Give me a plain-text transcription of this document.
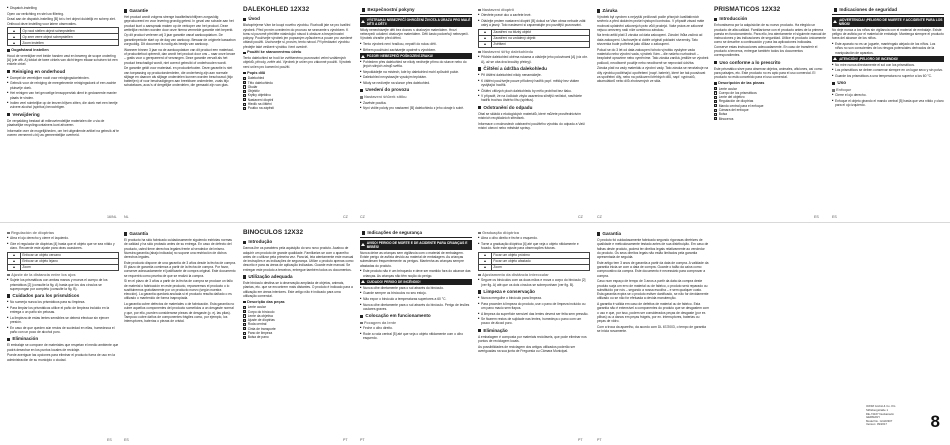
■ Dispatch-instelling

Open uw verlichting en stel uw fillering.

Draai aan de dispatch-instelling [B] tot u het object duidelijk en scherp ziet. Onthoud deze instelling voor latere observaties.

	Op rood stellen object scherpstellen
	Op zeer verre object scherpstellen
	Zoom instellen
Oogafstand instellen

Houd de verrekijker met beide handen vast en beweeg de scope onderling [A] (zie afb. A) totdat de twee cirkels van dicht tegen elkaar schuiven tot een enkele cirkel.

Reiniging en onderhoud
■ Dompel de verrekijker nooit voor reinigingsdoeleinden.
■ Gebruik voor de reiniging de meegeleverde reinigingsdoek of een zachte pluisvrije doek.
■ Het reinigen van het gevoelige lensoppervlak dient in gedoseerde manier plaats te vinden.
■ Indien veel ruimtelijke op de lenzen blijven zitten, die doek met een beetje zuivere alcohol (spiritus) bevochtigen.
Verwijdering

De verpakking bestaat uit milieuvriendelijke materialen die u via de plaatselijke recyclingcontainers kunt afvoeren.

Informatie over de mogelijkheden, om het uitgediende artikel na gebruik af te voeren verneemt u bij uw gemeentelijke overheid.

Garantie

Het product wordt volgens strenge kwaliteitsrichtlijnen zorgvuldig geproduceerd en voor levering grondig getest. In geval van schade aan het product kunt u aanspraak maken op de verkoper van het product. Deze wettelijke rechten worden door onze hierna vermelde garantie niet beperkt.

Op dit product verlenen wij 3 jaar garantie vanaf aankoopdatum. De garantieperiode start op de dag van aankoop. Bewaar de originele kassabon zorgvuldig. Dit document is nodig als bewijs van aankoop.

Wanneer binnen 3 jaar na de aankoopdatum van dit product een materiaal- of productiefout optreedt, dan wordt het product door ons – naar onze keuze – gratis voor u gerepareerd of vervangen. Deze garantie vervalt als het product beschadigd wordt, niet correct gebruikt of onderhouden wordt.

De garantie geldt voor materiaal- en productiefouten. Deze garantie is niet van toepassing op productonderdelen, die onderhevig zijn aan normale slijtage en daarom als slijtage onderdelen kunnen worden beschouwd (bijv. batterijen) of voor beschadigingen aan breekbare onderdelen, zoals bijv. schakelaars, accu's of dergelijke onderdelen, die gemaakt zijn van glas.

DALEKOHLED 12X32
Úvod

Blahopřejeme Vám ke koupi nového výrobku. Rozhodli jste se pro kvalitní výrobek. Před prvním uvedením do provozu se seznamte s výrobkem. K tomu si pozorně přečtěte následující návod k obsluze a bezpečnostní pokyny. Používejte výrobek jen popsaným způsobem a pouze pro uvedené oblasti použití. Uschovejte si, prosím, tento návod. Při předávání výrobku předejte také veškeré výrobku i tent uvedně.

Použití ke stanovenému účelu

Tento dalekohled se hodí ke zvětšenému pozorování velmi vzdálených objektů, přírody, zvěře atd. Výrobek je určen pro zákonné použití. Výrobek není určen pro komerční použití.

Popis dílů
1 Dalekohled
2 Tělo dalekohledu
3 Okulár
4 Objektiv
5 Krytky objektivu
6 Nastavení dioptrií
7 Hledik na čištění
8 Poutko na zápěstí
Bezpečnostní pokyny
VÝSTRAHA! NEBEZPEČÍ OHROŽENÍ ŽIVOTA A ÚRAZU PRO MALÉ DĚTI A DĚTI!

Nikdy nenechávejte děti bez dozoru s obalovým materiálem. Hrozí nebezpečí udušení obalovým materiálem. Děti často podceňují nebezpečí. Výrobek chraňte před dětmi.

■ Tento výrobek není hračkou, nepatří do rukou dětí.
■ Během používání zacházejte opatrně s výrobkem.
POZOR! NEBEZPEČÍ POŠKOZENÍ ZRAKU!
■ Pohledem přes dalekohled se nikdy nedívejte přímo do slunce nebo do jiných silných zdrojů světla.
■ Nepokládejte na místech, kde by dalekohled mohl způsobit požár.
■ Dalekohled nevystavujte vysokým teplotám.
■ Nikdy se nedívejte na slunce přes dalekohled.
Uvedení do provozu
Nastavení šňůrek sitiku
■ Zavěste poutka.
■ Nyní vidíte poloty pro nastavení [B] dalekohledu z jeho okraje k sobě.
Nastavení dioptrií
■ Otevřete pravé oko a zavřete levé.
■ Otáčejte prstem nastavení dioptrií [B] dokud se Vám obraz nebude zdát ostrý a jasný. Toto nastavení si zapamatujte pro pozdější pozorování.
	Zaostření na blízký objekt
	Zaostření na vzdálený objekt
	Zvětšení
Nastavení šířky dalekohledu
■ Přidrže dalekohled oběma rukama a otáčejte jeho polovinami [A] (viz obr. A), až se oba dva kroužky překryjí.
Čištění a údržba dalekohledu
■ Při čištění dalekohled nikdy nenamáčejte.
■ K čištění používejte pouze přiložený hadřík popř. měkký bez vláken vystýlající hadřík.
■ Čištění citlivých ploch dalekohledu by mělo probíhat bez tlaku.
■ V případě, že na čočkách zbyla usazenina silnější nečistot, navlhčete hadřík trochou čistého lihu (spiritus).
Odstranění do odpadu

Obal se skládá z ekologických materiálů, které můžete prostřednictvím místních recyklačních středisek.

Informace o možnostech odstranění použitého výrobku do odpadu a Vaši místní obecní nebo městské správy.

Záruka

Výrobek byl vyroben s nejvyšší pečlivostí podle přísných kvalitativních směrnic a před dodáním prošel výstupní kontrolou. V případě závad máte možnost uplatnění zákonných práv vůči prodejci. Vaše práva ze zákonné nejsou omezeny naší níže uvedenou zárukou.

Na tento artikl platí 3 záruka od data zakoupení. Záruční lhůta začíná od data zakoupení. Uschovejte si dobře originál pokladní stvrzenky. Tato stvrzenka bude potřebná jako důkaz o zakoupení.

Pokud se do 3 let od data zakoupení tohoto výrobku vyskytne vada materiálu nebo výrobní vada, výrobek Vám – dle našeho rozhodnutí – bezplatně opravíme nebo vyměníme. Tato záruka zaniká, jestliže se výrobek poškodí, neodborně použije nebo neodborně se neprovádí údržba.

Záruka platí na vady materiálu a výrobní vady. Tato záruka se nevztahuje na díly výrobku podléhající opotřebení (např. baterie), které lze tak považovat za spotřební díly, nebo na poškození křehkých dílů, např. vypínačů, akumulátorů nebo dílů zhotovených ze skla.

PRISMÁTICOS 12X32
Introducción

Enhorabuena por la adquisición de su nuevo producto. Ha elegido un producto de alta calidad. Familiarícese con el producto antes de la primera puesta en funcionamiento. Para ello, lea atentamente el siguiente manual de instrucciones y las indicaciones de seguridad. Utilice el producto únicamente como se describe a continuación y para las aplicaciones indicadas. Conserve estas instrucciones adecuadamente. En caso de transferir el producto a terceros, entregue también todos los documentos correspondientes.

Uso conforme a lo prescrito

Este prismático sirve para observar objetos, animales, aficiones, así como para paisajes, etc. Este producto no es apto para el uso comercial. El producto no está concebido para el uso comercial.

Descripción de las piezas
1 Lente ocular
2 Cuerpo de los prismáticos
3 Lente del objetivo
4 Regulación de dioptrías
5 Mando central para el enfoque
6 Cámara del enfoque
7 Bolsa
8 Binoceros
Indicaciones de seguridad
¡ADVERTENCIA! ¡PELIGRO DE MUERTE Y ACCIDENTE PARA LOS NIÑOS!

No deje nunca a los niños sin vigilancia con el material de embalaje. Existe peligro de asfixia por el material de embalaje. Mantenga siempre el producto fuera del alcance de los niños.

■ Este aparato no es un juguete, manténgalo alejado de los niños. Los niños no son conscientes de los riesgos potenciales derivados de la manipulación de aparatos.
¡ATENCIÓN! ¡PELIGRO DE INCENDIO!
■ No mire nunca directamente el sol con los prismáticos.
■ Los prismáticos se deben conservar siempre en un lugar seco y sin polvo.
■ Guarde los prismáticos a una temperatura no superior a los 60 °C.
Uso
Enfoque
■ Cierre el ojo derecho.
■ Enfoque el objeto girando el mando central [5] hasta que vea nítido y claro para el ojo izquierdo.
16/NL NL	CZ	CZ	CZ	CZ	ES	ES
Regulación de dioptrías
■ Abra el ojo derecho y cierre el izquierdo.
■ Gire el regulador de dioptrías [4] hasta que el objeto que ve sea nítido y claro. Recuerde este ajuste para otras ocasiones.
	Enfocar un objeto cercano
	Enfocar un objeto lejano
	Zoom
Ajuste de la distancia entre los ojos
■ Sujete los prismáticos con ambas manos y mueva el cuerpo de los prismáticos [2] (consulte la fig. A) hasta que los dos círculos se superpongan por completo (consulte la fig. B).
Cuidados para los prismáticos
■ No sumerja nunca los prismáticos para su limpieza.
■ Para limpiar los prismáticos utilice el paño de limpieza incluido en la entrega o un paño sin pelusas.
■ La limpieza de estas lentes sensibles se deberá efectuar sin ejercer presión.
■ En caso de que queden aún restos de suciedad en ellas, humedezca el paño con un poco de alcohol puro.
Eliminación

El embalaje se compone de materiales que respetan el medio ambiente que podrá desechar en los puntos locales de reciclaje.

Puede averiguar las opciones para eliminar el producto fuera de uso en la administración de su municipio o ciudad.

Garantía

El producto ha sido fabricado cuidadosamente siguiendo estrictas normas de calidad y ha sido probado antes de su entrega. En caso de defecto del producto, usted tiene derechos legales frente al vendedor del mismo. Nuestra garantía (abajo indicada) no supone una restricción de dichos derechos legales.

Este producto dispone de una garantía de 3 años desde la fecha de compra. El plazo de garantía comienza a partir de la fecha de compra. Por favor, conserve adecuadamente el justificante de compra original. Este documento se requerirá como prueba de que se realizó la compra.

Si en el plazo de 3 años a partir de la fecha de compra se produce un fallo de material o fabricación en este producto, repararemos el producto o lo sustituiremos gratuitamente por un producto nuevo (según nuestra elección). La garantía quedará anulada si el producto resulta dañado o es utilizado o mantenido de forma inapropiada.

La garantía cubre defectos de materiales o de fabricación. Esta garantía no cubre aquellos componentes del producto sometidos a un desgaste normal y que, por ello, pueden considerarse piezas de desgaste (p. ej. las pilas). Tampoco cubre daños de componentes frágiles como, por ejemplo, los interruptores, baterías o piezas de cristal.

BINÓCULOS 12X32
Introdução

Damos-lhe os parabéns pela aquisição do seu novo produto. Acabou de adquirir um produto de grande qualidade. Familiarize-se com o aparelho antes de o utilizar pela primeira vez. Para tal, leia atentamente este manual de instruções e as indicações de segurança. Utilize o produto apenas como descrito e para as áreas de aplicação indicadas. Guarde este manual. Se entregar este produto a terceiros, entregue também todos os documentos.

Utilização adequada

Este binóculo destina-se à observação ampliada de objetos, animais, plantas, etc. que se encontrem mais distantes. O produto é indicado para a utilização em áreas interiores. Este artigo não é indicado para uma utilização comercial.

Descrição das peças
1 Lente ocular
2 Corpo do binóculo
3 Lente da objetiva
4 Ajuste de dioptrias
5 Roda central
6 Cinta de transporte
7 Pano de limpeza
8 Bolsa de pano
Indicações de segurança
AVISO! PERIGO DE MORTE E DE ACIDENTE PARA CRIANÇAS E BEBÉS!

Nunca deixe as crianças sem vigilância com o material de embalagem. Existe perigo de asfixia devido ao material de embalagem. As crianças subestimam frequentemente os perigos. Mantenha as crianças sempre afastadas do produto.

■ Este produto não é um brinquedo e deve ser mantido fora do alcance das crianças. As crianças não têm noção do perigo.
CUIDADO! PERIGO DE INCÊNDIO!
■ Nunca olhe diretamente para o sol através do binóculo.
■ Guarde sempre os binóculos no seu estojo.
■ Não expor o binóculo a temperaturas superiores a 60 °C.
■ Nunca olhe diretamente para o sol através do binóculo. Perigo de lesões oculares graves.
Colocação em funcionamento
Focagem da lente
■ Feche o olho direito.
■ Rode a roda central [5] até que veja o objeto nitidamente com o olho esquerdo.
Graduação dióptrica
■ Abra o olho direito e feche o esquerdo.
■ Torne a graduação dióptrica [4] até que veja o objeto nitidamente e focado. Note este ajuste para observações futuras.
	Focar um objeto próximo
	Focar um objeto afastado
	Zoom
Ajustamento da distância interocular
■ Segure os binóculos com as duas mãos e mova o corpo do binóculo [2] (ver fig. A) até que os dois círculos se sobreponham (ver fig. B).
Limpeza e conservação
■ Nunca mergulhe o binóculo para limpeza.
■ Para proceder à limpeza do produto, use o pano de limpeza incluído ou um pano macio sem fiapos.
■ A limpeza da superfície sensível das lentes deverá ser feita sem pressão.
■ Se ficarem restos de sujidade nas lentes, humedeça o pano com um pouco de álcool puro.
Eliminação

A embalagem é composta por materiais recicláveis, que pode eliminar nos pontos de reciclagem locais.

As possibilidades de reciclagem dos artigos utilizados poderão ser averiguadas na sua junta de Freguesia ou Câmara Municipal.

Garantia

O produto foi cuidadosamente fabricado segundo rigorosas diretrizes de qualidade e meticulosamente testado antes de sua distribuição. Em caso de falhas deste produto, poderá ter direitos legais relativamente ao vendedor do produto. Os seus direitos legais não estão limitados pela garantia apresentada de seguida.

Este artigo tem 3 anos de garantia a partir da data de compra. A validade da garantia inicia-se com a data de compra. Guarde o talão da caixa como comprovativo da compra. Este documento é necessário para comprovar a compra.

Caso num espaço de tempo de 3 anos a partir da data da compra deste produto surja um erro de material ou de fabrico, o produto será reparado ou substituído por nós – segundo a nossa escolha – e sem qualquer custo. Esta garantia expira se o produto estiver danificado, se não for devidamente utilizado ou se não for efetuada a devida manutenção.

A garantia é válida em caso de defeitos de material ou de fabrico. Esta garantia não é extensível a componentes do produto que se desgastem com o uso e que, por isso, podem ser considerados peças de desgaste (por ex. pilhas) ou a danos em peças frágeis, por ex. interruptores, baterias ou peças de vidro.

Com a troca da aparelho, da acordo com DL 67/2003, o tempo de garantia se inicia novamente.

ES	ES	PT	PT	PT	PT
OWIM GmbH & Co. KG
Stiftsbergstraße 1
DE-74167 Neckarsulm
GERMANY
Model No.: HG03307
Version: 09/2017	8
